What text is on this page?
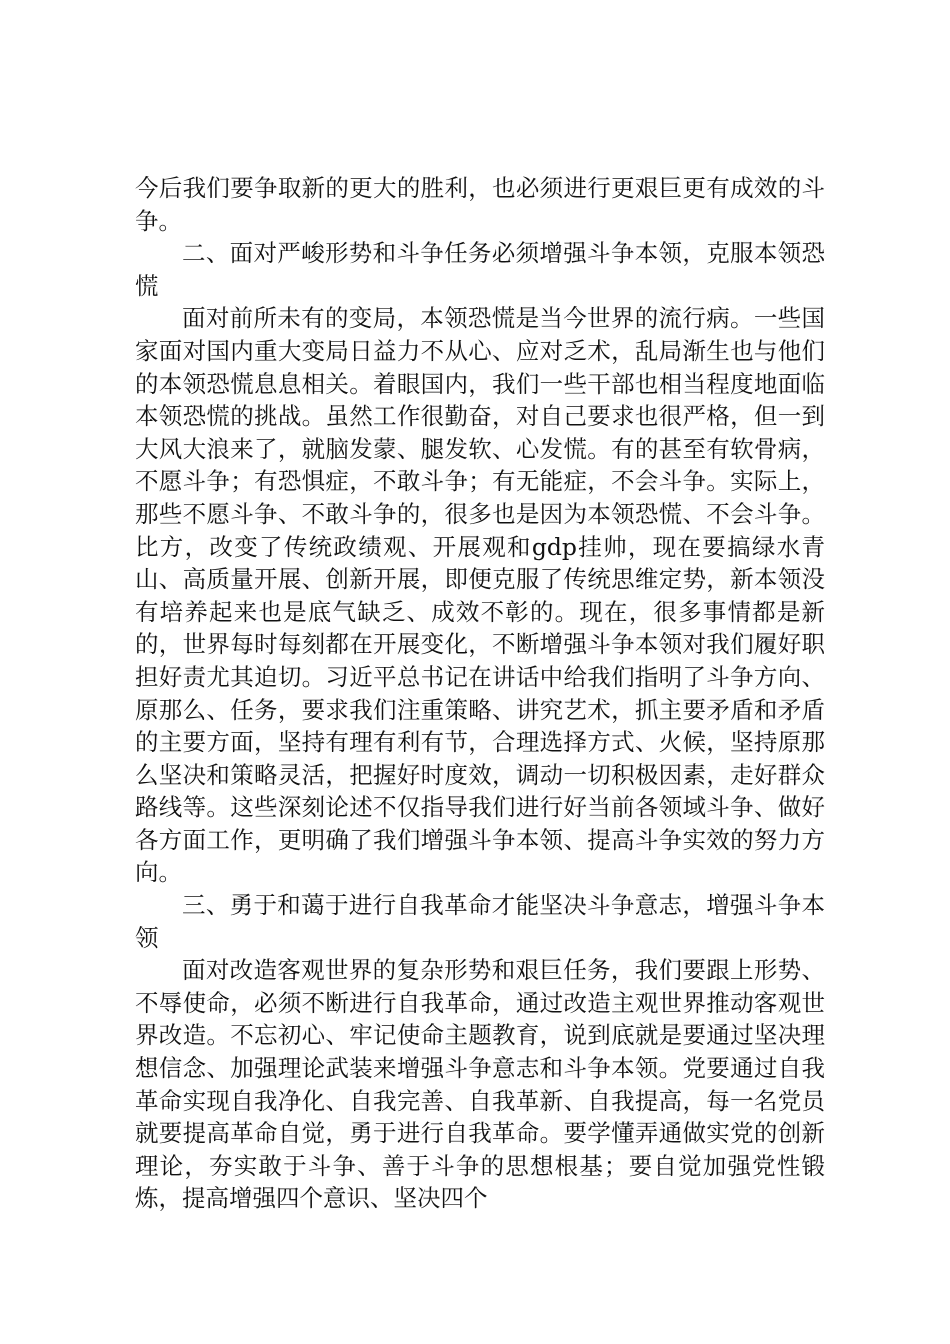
今后我们要争取新的更大的胜利，也必须进行更艰巨更有成效的斗争。

二、面对严峻形势和斗争任务必须增强斗争本领，克服本领恐慌

面对前所未有的变局，本领恐慌是当今世界的流行病。一些国家面对国内重大变局日益力不从心、应对乏术，乱局渐生也与他们的本领恐慌息息相关。着眼国内，我们一些干部也相当程度地面临本领恐慌的挑战。虽然工作很勤奋，对自己要求也很严格，但一到大风大浪来了，就脑发蒙、腿发软、心发慌。有的甚至有软骨病，不愿斗争；有恐惧症，不敢斗争；有无能症，不会斗争。实际上，那些不愿斗争、不敢斗争的，很多也是因为本领恐慌、不会斗争。比方，改变了传统政绩观、开展观和gdp挂帅，现在要搞绿水青山、高质量开展、创新开展，即便克服了传统思维定势，新本领没有培养起来也是底气缺乏、成效不彰的。现在，很多事情都是新的，世界每时每刻都在开展变化，不断增强斗争本领对我们履好职担好责尤其迫切。习近平总书记在讲话中给我们指明了斗争方向、原那么、任务，要求我们注重策略、讲究艺术，抓主要矛盾和矛盾的主要方面，坚持有理有利有节，合理选择方式、火候，坚持原那么坚决和策略灵活，把握好时度效，调动一切积极因素，走好群众路线等。这些深刻论述不仅指导我们进行好当前各领域斗争、做好各方面工作，更明确了我们增强斗争本领、提高斗争实效的努力方向。

三、勇于和蔼于进行自我革命才能坚决斗争意志，增强斗争本领

面对改造客观世界的复杂形势和艰巨任务，我们要跟上形势、不辱使命，必须不断进行自我革命，通过改造主观世界推动客观世界改造。不忘初心、牢记使命主题教育，说到底就是要通过坚决理想信念、加强理论武装来增强斗争意志和斗争本领。党要通过自我革命实现自我净化、自我完善、自我革新、自我提高，每一名党员就要提高革命自觉，勇于进行自我革命。要学懂弄通做实党的创新理论，夯实敢于斗争、善于斗争的思想根基；要自觉加强党性锻炼，提高增强四个意识、坚决四个
